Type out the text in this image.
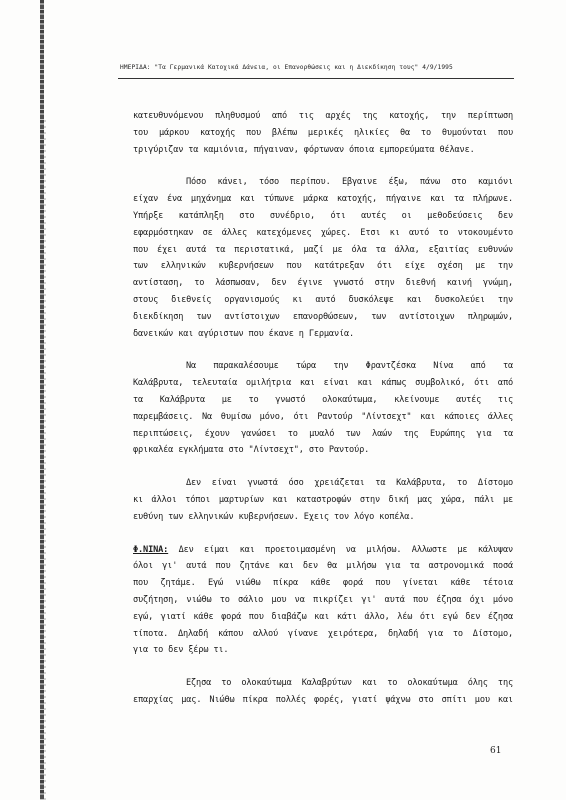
ΗΜΕΡΙΔΑ: "Τα Γερμανικά Κατοχικά Δάνεια, οι Επανορθώσεις και η Διεκδίκηση τους" 4/9/1995

κατευθυνόμενου πληθυσμού από τις αρχές της κατοχής, την περίπτωση
του μάρκου κατοχής που βλέπω μερικές ηλικίες θα το θυμούνται που
τριγύριζαν τα καμιόνια, πήγαιναν, φόρτωναν όποια εμπορεύματα θέλανε.

Πόσο κάνει, τόσο περίπου. Εβγαινε έξω, πάνω στο καμιόνι
είχαν ένα μηχάνημα και τύπωνε μάρκα κατοχής, πήγαινε και τα πλήρωνε.
Υπήρξε κατάπληξη στο συνέδριο, ότι αυτές οι μεθοδεύσεις δεν
εφαρμόστηκαν σε άλλες κατεχόμενες χώρες. Ετσι κι αυτό το ντοκουμέντο
που έχει αυτά τα περιστατικά, μαζί με όλα τα άλλα, εξαιτίας ευθυνών
των ελληνικών κυβερνήσεων που κατάτρεξαν ότι είχε σχέση με την
αντίσταση, το λάσπωσαν, δεν έγινε γνωστό στην διεθνή καινή γνώμη,
στους διεθνείς οργανισμούς κι αυτό δυσκόλεψε και δυσκολεύει την
διεκδίκηση των αντίστοιχων επανορθώσεων, των αντίστοιχων πληρωμών,
δανεικών και αγύριστων που έκανε η Γερμανία.

Να παρακαλέσουμε τώρα την Φραντζέσκα Νίνα από τα
Καλάβρυτα, τελευταία ομιλήτρια και είναι και κάπως συμβολικό, ότι από
τα Καλάβρυτα με το γνωστό ολοκαύτωμα, κλείνουμε αυτές τις
παρεμβάσεις. Να θυμίσω μόνο, ότι Ραντούρ "Λίντσεχτ" και κάποιες άλλες
περιπτώσεις, έχουν γανώσει το μυαλό των λαών της Ευρώπης για τα
φρικαλέα εγκλήματα στο "Λίντσεχτ", στο Ραντούρ.

Δεν είναι γνωστά όσο χρειάζεται τα Καλάβρυτα, το Δίστομο
κι άλλοι τόποι μαρτυρίων και καταστροφών στην δική μας χώρα, πάλι με
ευθύνη των ελληνικών κυβερνήσεων. Εχεις τον λόγο κοπέλα.

Φ.ΝΙΝΑ: Δεν είμαι και προετοιμασμένη να μιλήσω. Αλλωστε με κάλυψαν
όλοι γι' αυτά που ζητάνε και δεν θα μιλήσω για τα αστρονομικά ποσά
που ζητάμε. Εγώ νιώθω πίκρα κάθε φορά που γίνεται κάθε τέτοια
συζήτηση, νιώθω το σάλιο μου να πικρίζει γι' αυτά που έζησα όχι μόνο
εγώ, γιατί κάθε φορά που διαβάζω και κάτι άλλο, λέω ότι εγώ δεν έζησα
τίποτα. Δηλαδή κάπου αλλού γίνανε χειρότερα, δηλαδή για το Δίστομο,
για το δεν ξέρω τι.

Εζησα το ολοκαύτωμα Καλαβρύτων και το ολοκαύτωμα όλης της
επαρχίας μας. Νιώθω πίκρα πολλές φορές, γιατί ψάχνω στο σπίτι μου και

61
